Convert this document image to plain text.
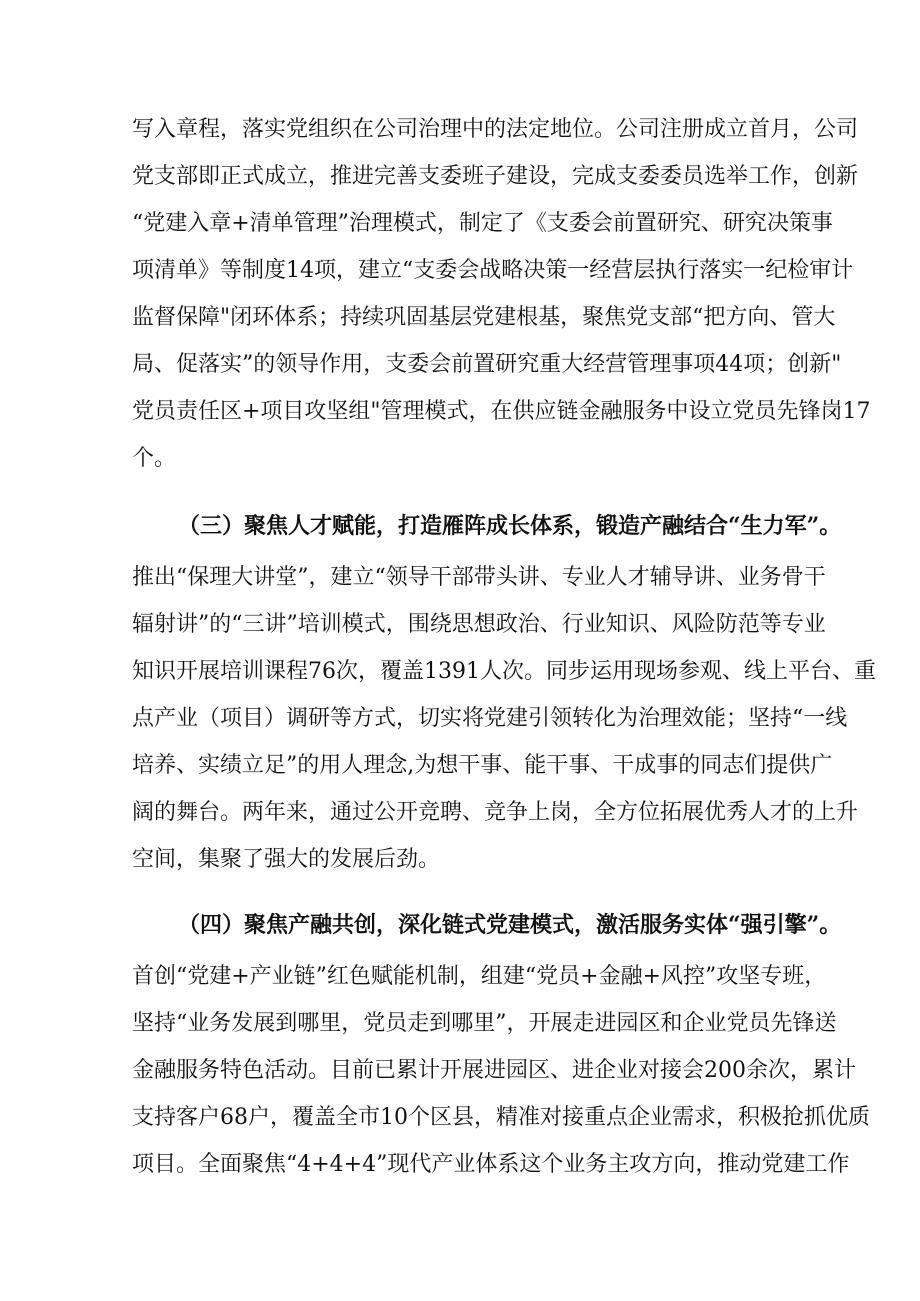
写入章程，落实党组织在公司治理中的法定地位。公司注册成立首月，公司
党支部即正式成立，推进完善支委班子建设，完成支委委员选举工作，创新
“党建入章+清单管理”治理模式，制定了《支委会前置研究、研究决策事
项清单》等制度14项，建立“支委会战略决策一经营层执行落实一纪检审计
监督保障"闭环体系；持续巩固基层党建根基，聚焦党支部“把方向、管大
局、促落实”的领导作用，支委会前置研究重大经营管理事项44项；创新"
党员责任区+项目攻坚组"管理模式，在供应链金融服务中设立党员先锋岗17
个。
（三）聚焦人才赋能，打造雁阵成长体系，锻造产融结合“生力军”。
推出“保理大讲堂”，建立“领导干部带头讲、专业人才辅导讲、业务骨干
辐射讲”的“三讲”培训模式，围绕思想政治、行业知识、风险防范等专业
知识开展培训课程76次，覆盖1391人次。同步运用现场参观、线上平台、重
点产业（项目）调研等方式，切实将党建引领转化为治理效能；坚持“一线
培养、实绩立足”的用人理念,为想干事、能干事、干成事的同志们提供广
阔的舞台。两年来，通过公开竞聘、竞争上岗，全方位拓展优秀人才的上升
空间，集聚了强大的发展后劲。
（四）聚焦产融共创，深化链式党建模式，激活服务实体“强引擎”。
首创“党建+产业链”红色赋能机制，组建“党员+金融+风控”攻坚专班，
坚持“业务发展到哪里，党员走到哪里”，开展走进园区和企业党员先锋送
金融服务特色活动。目前已累计开展进园区、进企业对接会200余次，累计
支持客户68户，覆盖全市10个区县，精准对接重点企业需求，积极抢抓优质
项目。全面聚焦“4+4+4”现代产业体系这个业务主攻方向，推动党建工作
